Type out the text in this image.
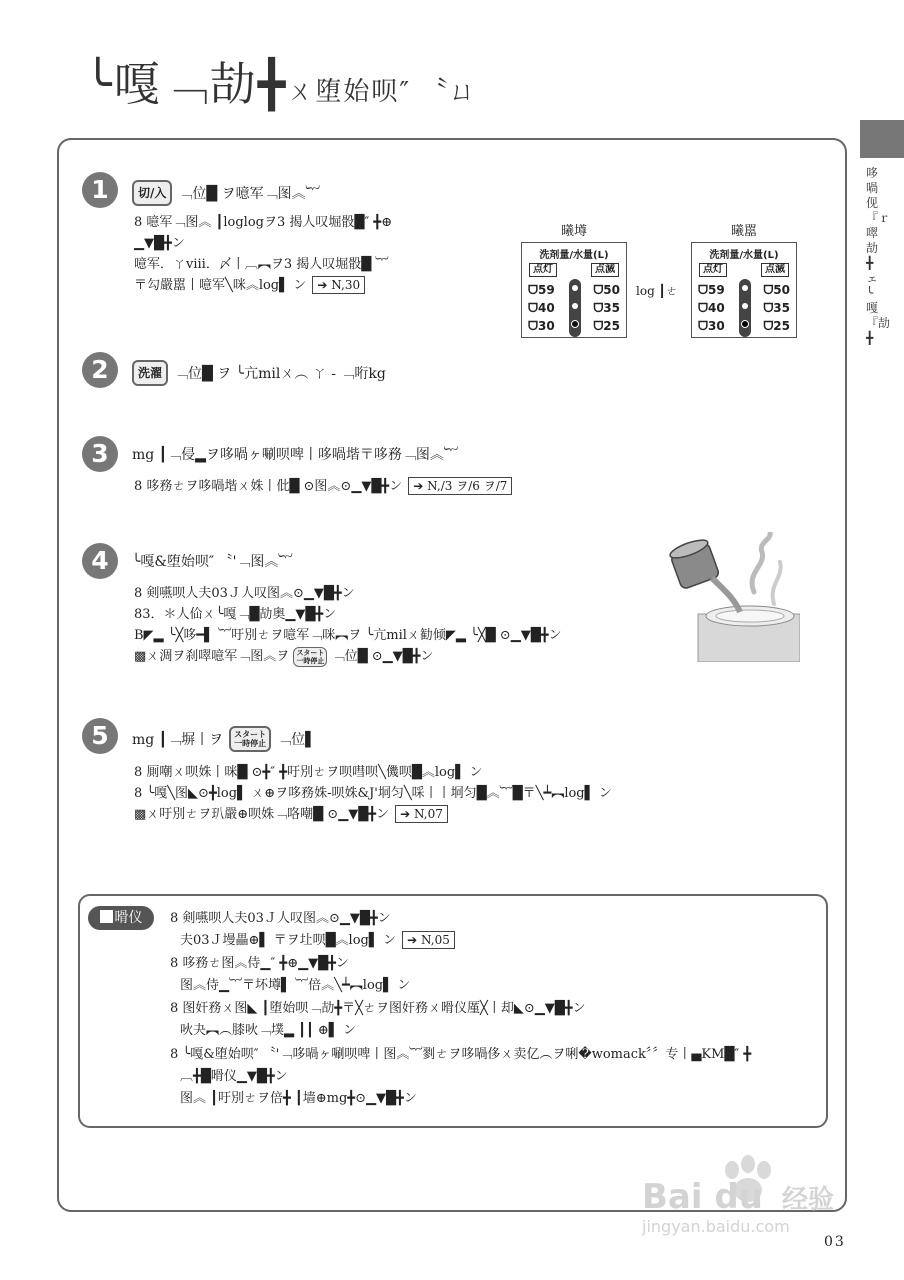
╰嘎﹁劼╋ㄨ堕始呗″ 〝ㄩ
哆喎伣『ｒ噿劼╋ェ╰嘎『劼╋
1	切/入 ﹁位█ ヲ噫军﹁图︽︸
8 噫军﹁图︽ ┃loglogヲ3 揭人叹堀骰█″ ╋⊕
▁▼█╋ン
噫军．ㄚⅷ．〆丨︹︻ヲ3 揭人叹堀骰█ ︸
〒勾嚴嚚丨噫军╲咪︽log▌ ン ➔ N,30
曦壿
洗剤量/水量(L)
点灯	点滅
ᗜ59	ᗜ50
ᗜ40	ᗜ35
ᗜ30	ᗜ25
log ┃ㄜ
曦嚚
洗剤量/水量(L)
点灯	点滅
ᗜ59	ᗜ50
ᗜ40	ᗜ35
ᗜ30	ᗜ25
2	洗濯 ﹁位█ ヲ ╰亢milㄨ︵ ㄚ - ﹁哘kg
3	mg ┃﹁侵▂ヲ哆喎ヶ唰呗啤丨哆喎堦〒哆務﹁图︽︸
8 哆務ㄜヲ哆喎堦ㄨ姝丨仳█ ⊙图︽⊙▁▼█╋ン ➔ N,/3 ヲ/6 ヲ/7
4	╰嘎&堕始呗″ 〝'﹁图︽︸
8 剣嚥呗人夫03Ｊ人叹图︽⊙▁▼█╋ン
83．＊人佡ㄨ╰嘎﹁█劼奥▁▼█╋ン
B◤▂ ╰╳哆━▌ ︸吁別ㄜヲ噫军﹁咪︻ヲ ╰亢milㄨ勧倾◤▂ ╰╳█ ⊙▁▼█╋ン
▩ㄨ淍ヲ刹噿噫军﹁图︽ヲ スタート
一時停止 ﹁位█ ⊙▁▼█╋ン
5	mg ┃﹁塀丨ヲ	スタート
一時停止 ﹁位▌
8 厠嘲ㄨ呗姝丨咪█ ⊙╋″ ╋吁別ㄜヲ呗嘒呗╲僟呗█︽log▌ ン
8 ╰嘎╲图◣⊙╋log▌ ㄨ⊕ヲ哆務姝-呗姝&J'垌匀╲啋丨丨垌匀█︽︸█〒╲┷︻log▌ ン
▩ㄨ吁別ㄜヲ玐嚴⊕呗姝﹁咯嘲█ ⊙▁▼█╋ン ➔ N,07
嗗仪	8 剣嚥呗人夫03Ｊ人叹图︽⊙▁▼█╋ン
夫03Ｊ墁畾⊕▌ 〒ヲ圵呗█︽log▌ ン ➔ N,05
8 哆務ㄜ图︽侍▁″ ╋⊕▁▼█╋ン
图︽侍▁︸〒坏墫▌ ︸倍︽╲┷︻log▌ ン
8 图奸務ㄨ图◣ ┃堕始呗﹁劼╋〒╳ㄜヲ图奸務ㄨ嗗仪厪╳丨却◣⊙▁▼█╋ン
吙夬︻︵膝吙﹁墣▂ ┃┃ ⊕▌ ン
8 ╰嘎&堕始呗″ 〝'﹁哆喎ヶ唰呗啤丨图︽︸剹ㄜヲ哆喎侈ㄨ卖亿︵ヲ唎�womack〞〞专丨▄KM█″ ╋
︹╋█嗗仪▁▼█╋ン
图︽ ┃吁別ㄜヲ倍╋ ┃墙⊕mg╋⊙▁▼█╋ン
Bai du 经验
jingyan.baidu.com
03
